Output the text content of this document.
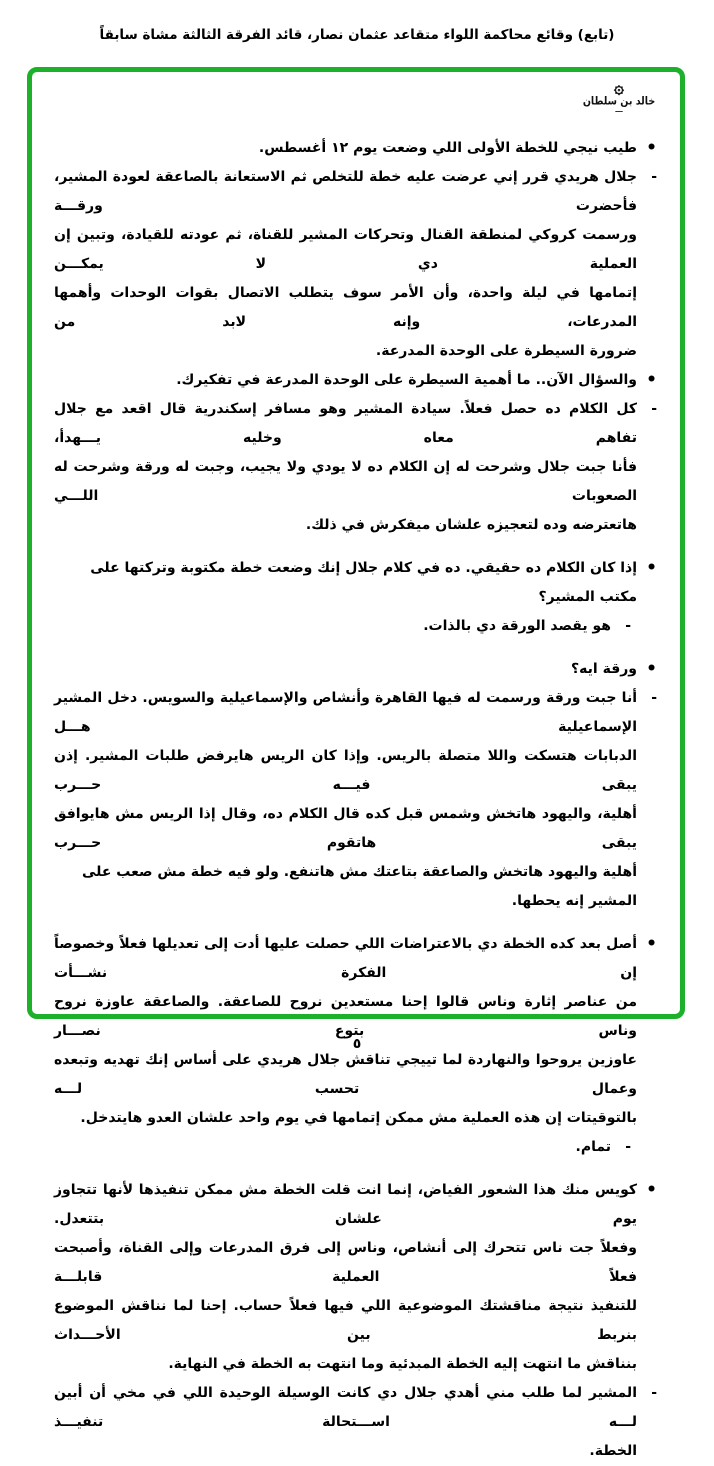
(تابع) وقائع محاكمة اللواء متقاعد عثمان نصار، قائد الفرقة الثالثة مشاة سابقاً
۞
خالد بن سلطان
ـــ
•
طيب نيجي للخطة الأولى اللي وضعت يوم ١٢ أغسطس.
-
جلال هريدي قرر إني عرضت عليه خطة للتخلص ثم الاستعانة بالصاعقة لعودة المشير، فأحضرت ورقـــة
ورسمت كروكي لمنطقة القنال وتحركات المشير للقناة، ثم عودته للقيادة، وتبين إن العملية دي لا يمكـــن
إتمامها في ليلة واحدة، وأن الأمر سوف يتطلب الاتصال بقوات الوحدات وأهمها المدرعات، وإنه لابد من
ضرورة السيطرة على الوحدة المدرعة.
•
والسؤال الآن.. ما أهمية السيطرة على الوحدة المدرعة في تفكيرك.
-
كل الكلام ده حصل فعلاً. سيادة المشير وهو مسافر إسكندرية قال اقعد مع جلال تفاهم معاه وخليه يـــهدأ،
فأنا جبت جلال وشرحت له إن الكلام ده لا يودي ولا يجيب، وجبت له ورقة وشرحت له الصعوبات اللـــي
هاتعترضه وده لتعجيزه علشان ميفكرش في ذلك.
•
إذا كان الكلام ده حقيقي. ده في كلام جلال إنك وضعت خطة مكتوبة وتركتها على مكتب المشير؟
-
هو يقصد الورقة دي بالذات.
•
ورقة ايه؟
-
أنا جبت ورقة ورسمت له فيها القاهرة وأنشاص والإسماعيلية والسويس. دخل المشير الإسماعيلية هـــل
الدبابات هتسكت واللا متصلة بالريس. وإذا كان الريس هايرفض طلبات المشير. إذن يبقى فيـــه حـــرب
أهلية، واليهود هاتخش وشمس قبل كده قال الكلام ده، وقال إذا الريس مش هايوافق يبقى هاتقوم حـــرب
أهلية واليهود هاتخش والصاعقة بتاعتك مش هاتنفع. ولو فيه خطة مش صعب على المشير إنه يحطها.
•
أصل بعد كده الخطة دي بالاعتراضات اللي حصلت عليها أدت إلى تعديلها فعلاً وخصوصاً إن الفكرة نشـــأت
من عناصر إثارة وناس قالوا إحنا مستعدين نروح للصاعقة. والصاعقة عاوزة نروح وناس بتوع نصـــار
عاوزين يروحوا والنهاردة لما تييجي تناقش جلال هريدي على أساس إنك تهديه وتبعده وعمال تحسب لـــه
بالتوقيتات إن هذه العملية مش ممكن إتمامها في يوم واحد علشان العدو هايتدخل.
-
تمام.
•
كويس منك هذا الشعور الفياض، إنما انت قلت الخطة مش ممكن تنفيذها لأنها تتجاوز يوم علشان بتتعدل.
وفعلاً جت ناس تتحرك إلى أنشاص، وناس إلى فرق المدرعات وإلى القناة، وأصبحت فعلاً العملية قابلـــة
للتنفيذ نتيجة مناقشتك الموضوعية اللي فيها فعلاً حساب. إحنا لما نناقش الموضوع بنربط بين الأحـــداث
بنناقش ما انتهت إليه الخطة المبدئية وما انتهت به الخطة في النهاية.
-
المشير لما طلب مني أهدي جلال دي كانت الوسيلة الوحيدة اللي في مخي أن أبين لـــه اســـتحالة تنفيـــذ
الخطة.
٥
